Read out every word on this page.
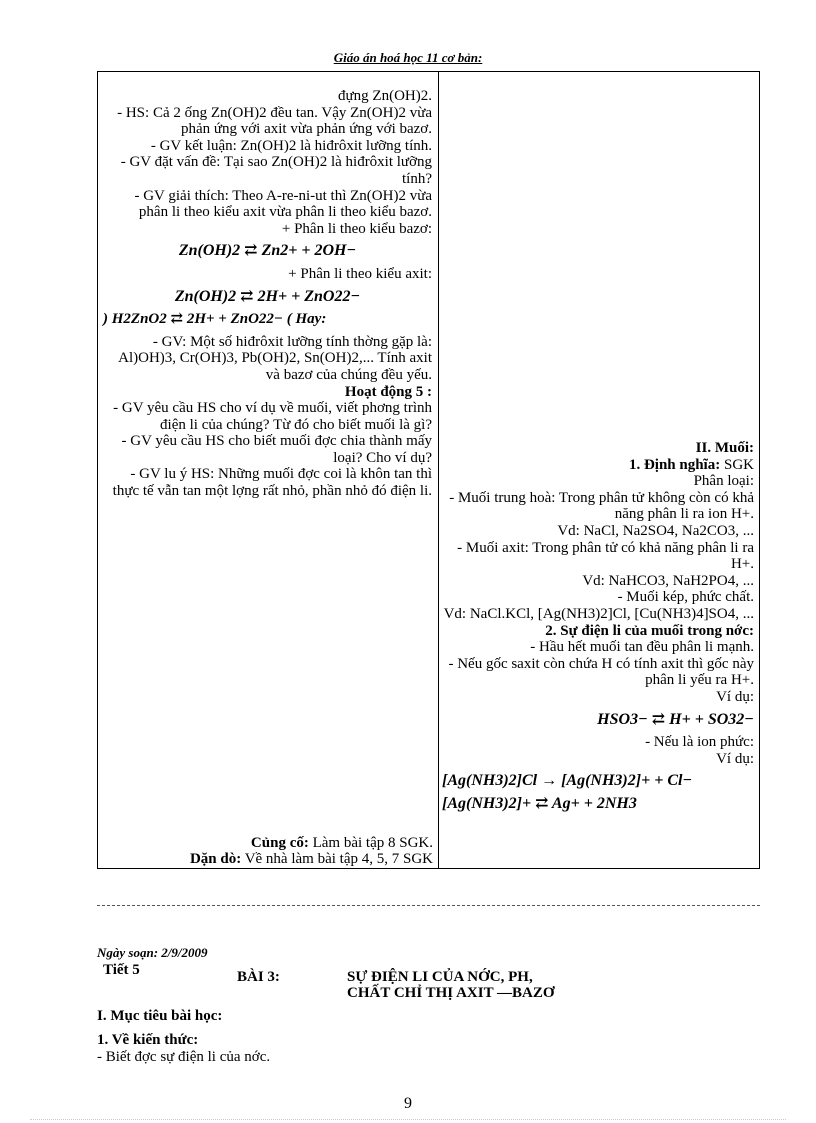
Giáo án hoá học 11 cơ bản:
đựng Zn(OH)2.
- HS: Cả 2 ống Zn(OH)2 đều tan. Vậy Zn(OH)2 vừa phản ứng với axit vừa phản ứng với bazơ.
- GV kết luận: Zn(OH)2 là hiđrôxit lưỡng tính.
- GV đặt vấn đề: Tại sao Zn(OH)2 là hiđrôxit lưỡng tính?
- GV giải thích: Theo A-re-ni-ut thì Zn(OH)2 vừa phân li theo kiểu axit vừa phân li theo kiểu bazơ.
+ Phân li theo kiểu bazơ:
Zn(OH)2 ⇄ Zn2+ + 2OH−
+ Phân li theo kiểu axit:
Zn(OH)2 ⇄ 2H+ + ZnO22−
) H2ZnO2 ⇄ 2H+ + ZnO22− ( Hay:
- GV: Một số hiđrôxit lưỡng tính thờng gặp là: Al)OH)3, Cr(OH)3, Pb(OH)2, Sn(OH)2,... Tính axit và bazơ của chúng đều yếu.
Hoạt động 5 :
- GV yêu cầu HS cho ví dụ về muối, viết phơng trình điện li của chúng? Từ đó cho biết muối là gì?
- GV yêu cầu HS cho biết muối đợc chia thành mấy loại? Cho ví dụ?
- GV lu ý HS: Những muối đợc coi là khôn tan thì thực tế vẫn tan một lợng rất nhỏ, phần nhỏ đó điện li.
Củng cố: Làm bài tập 8 SGK.
Dặn dò: Về nhà làm bài tập 4, 5, 7 SGK
II. Muối:
1. Định nghĩa: SGK
Phân loại:
- Muối trung hoà: Trong phân tử không còn có khả năng phân li ra ion H+.
Vd: NaCl, Na2SO4, Na2CO3, ...
- Muối axit: Trong phân tử có khả năng phân li ra H+.
Vd: NaHCO3, NaH2PO4, ...
- Muối kép, phức chất.
Vd: NaCl.KCl, [Ag(NH3)2]Cl, [Cu(NH3)4]SO4, ...
2. Sự điện li của muối trong nớc:
- Hầu hết muối tan đều phân li mạnh.
- Nếu gốc saxit còn chứa H có tính axit thì gốc này phân li yếu ra H+.
Ví dụ:
HSO3− ⇄ H+ + SO32−
- Nếu là ion phức:
Ví dụ:
[Ag(NH3)2]Cl → [Ag(NH3)2]+ + Cl−
[Ag(NH3)2]+ ⇄ Ag+ + 2NH3
Ngày soạn: 2/9/2009
Tiết 5	BÀI 3:	SỰ ĐIỆN LI CỦA NỚC, PH,
CHẤT CHỈ THỊ AXIT —BAZƠ
I. Mục tiêu bài học:
1. Về kiến thức:
- Biết đợc sự điện li của nớc.
9
